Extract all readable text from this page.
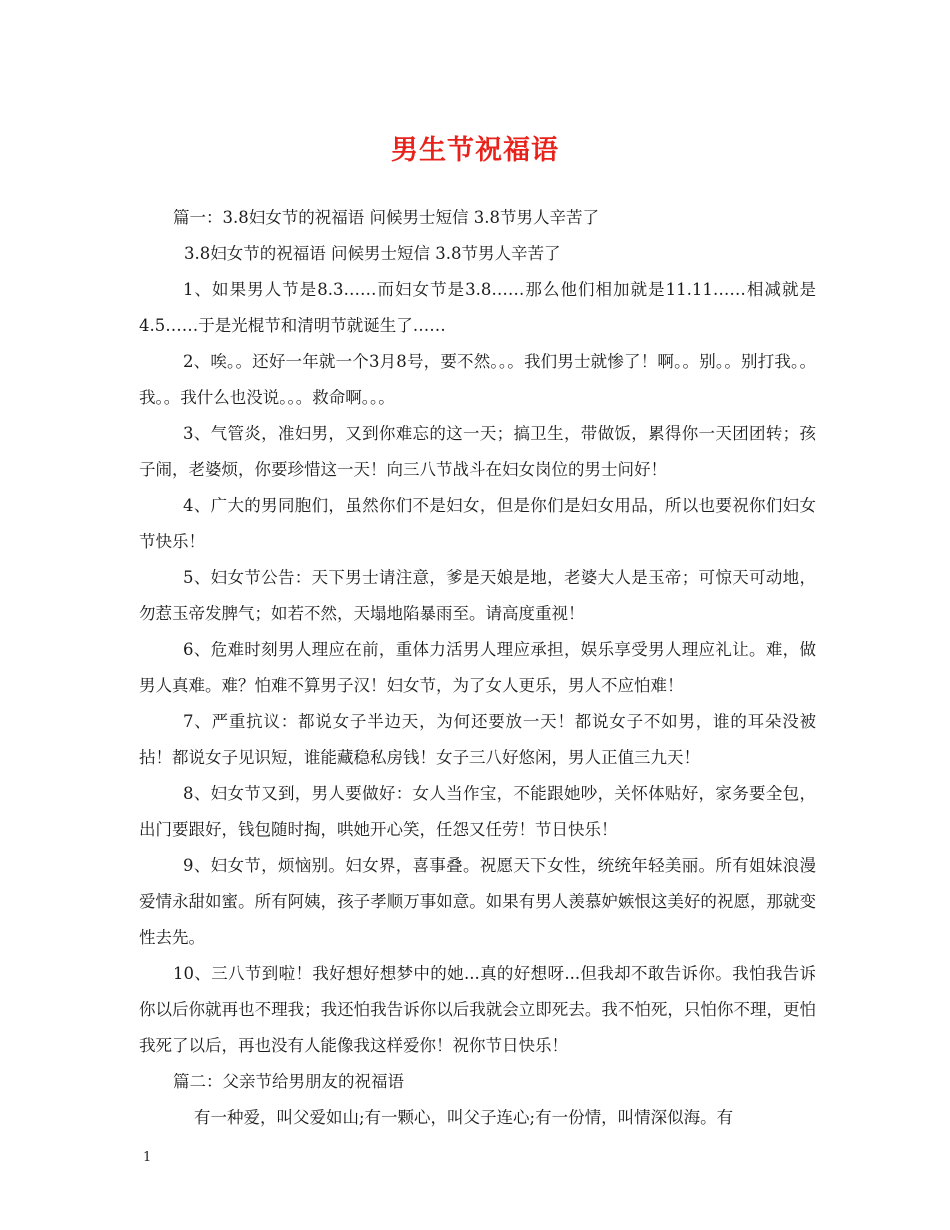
男生节祝福语

篇一：3.8妇女节的祝福语 问候男士短信 3.8节男人辛苦了

3.8妇女节的祝福语 问候男士短信 3.8节男人辛苦了

1、如果男人节是8.3……而妇女节是3.8……那么他们相加就是11.11……相减就是4.5……于是光棍节和清明节就诞生了……

2、唉。。还好一年就一个3月8号，要不然。。。我们男士就惨了！啊。。别。。别打我。。我。。我什么也没说。。。救命啊。。。

3、气管炎，准妇男，又到你难忘的这一天；搞卫生，带做饭，累得你一天团团转；孩子闹，老婆烦，你要珍惜这一天！向三八节战斗在妇女岗位的男士问好！

4、广大的男同胞们，虽然你们不是妇女，但是你们是妇女用品，所以也要祝你们妇女节快乐！

5、妇女节公告：天下男士请注意，爹是天娘是地，老婆大人是玉帝；可惊天可动地，勿惹玉帝发脾气；如若不然，天塌地陷暴雨至。请高度重视！

6、危难时刻男人理应在前，重体力活男人理应承担，娱乐享受男人理应礼让。难，做男人真难。难？怕难不算男子汉！妇女节，为了女人更乐，男人不应怕难！

7、严重抗议：都说女子半边天，为何还要放一天！都说女子不如男，谁的耳朵没被拈！都说女子见识短，谁能藏稳私房钱！女子三八好悠闲，男人正值三九天！

8、妇女节又到，男人要做好：女人当作宝，不能跟她吵，关怀体贴好，家务要全包，出门要跟好，钱包随时掏，哄她开心笑，任怨又任劳！节日快乐！

9、妇女节，烦恼别。妇女界，喜事叠。祝愿天下女性，统统年轻美丽。所有姐妹浪漫爱情永甜如蜜。所有阿姨，孩子孝顺万事如意。如果有男人羡慕妒嫉恨这美好的祝愿，那就变性去先。

10、三八节到啦！我好想好想梦中的她...真的好想呀...但我却不敢告诉你。我怕我告诉你以后你就再也不理我；我还怕我告诉你以后我就会立即死去。我不怕死，只怕你不理，更怕我死了以后，再也没有人能像我这样爱你！祝你节日快乐！

篇二：父亲节给男朋友的祝福语

有一种爱，叫父爱如山;有一颗心，叫父子连心;有一份情，叫情深似海。有

1
